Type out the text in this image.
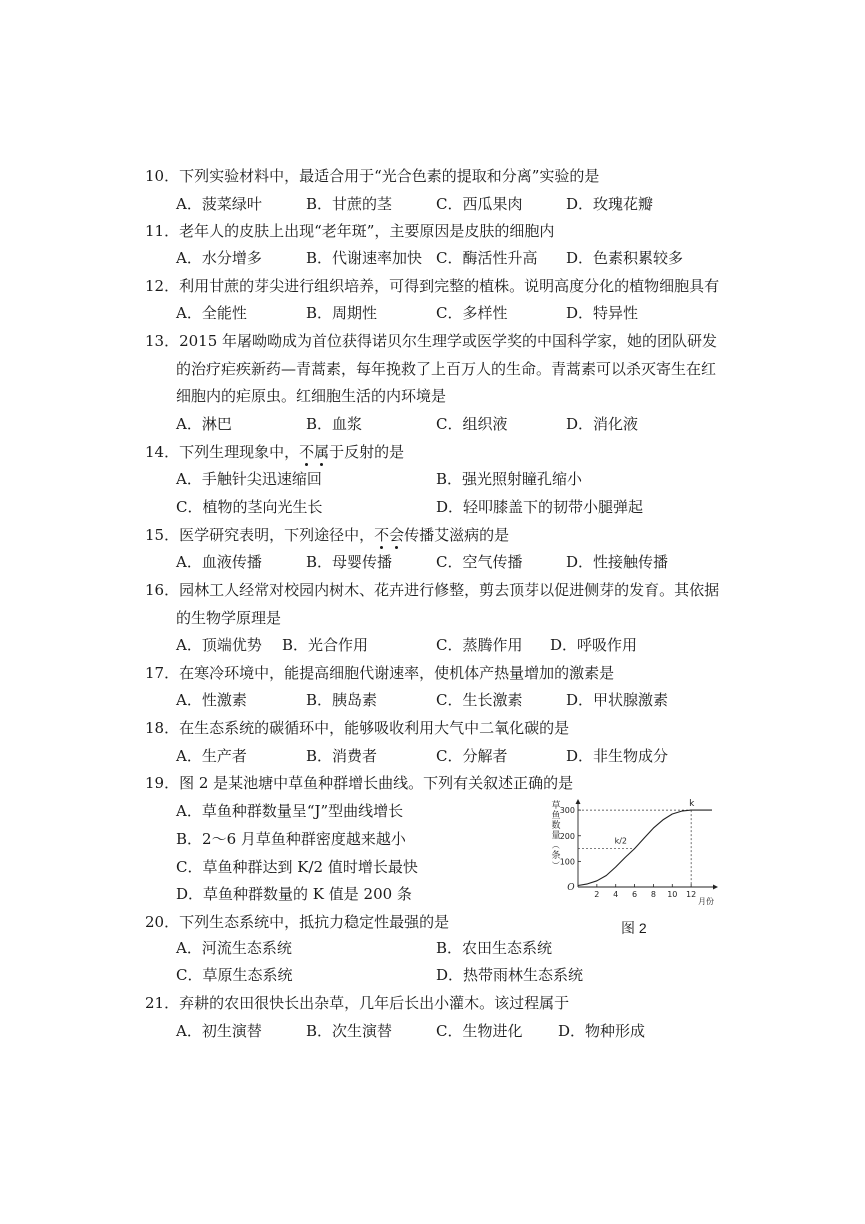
10．下列实验材料中，最适合用于“光合色素的提取和分离”实验的是
A．菠菜绿叶	B．甘蔗的茎	C．西瓜果肉	D．玫瑰花瓣
11．老年人的皮肤上出现“老年斑”，主要原因是皮肤的细胞内
A．水分增多	B．代谢速率加快 C．酶活性升高 D．色素积累较多
12．利用甘蔗的芽尖进行组织培养，可得到完整的植株。说明高度分化的植物细胞具有
A．全能性	B．周期性	C．多样性	D．特异性
13．2015 年屠呦呦成为首位获得诺贝尔生理学或医学奖的中国科学家，她的团队研发
的治疗疟疾新药—青蒿素，每年挽救了上百万人的生命。青蒿素可以杀灭寄生在红
细胞内的疟原虫。红细胞生活的内环境是
A．淋巴	B．血浆	C．组织液	D．消化液
14．下列生理现象中，不属于反射的是
A．手触针尖迅速缩回	B．强光照射瞳孔缩小
C．植物的茎向光生长	D．轻叩膝盖下的韧带小腿弹起
15．医学研究表明，下列途径中，不会传播艾滋病的是
A．血液传播	B．母婴传播	C．空气传播	D．性接触传播
16．园林工人经常对校园内树木、花卉进行修整，剪去顶芽以促进侧芽的发育。其依据
的生物学原理是
A．顶端优势 B．光合作用	C．蒸腾作用 D．呼吸作用
17．在寒冷环境中，能提高细胞代谢速率，使机体产热量增加的激素是
A．性激素	B．胰岛素	C．生长激素	D．甲状腺激素
18．在生态系统的碳循环中，能够吸收利用大气中二氧化碳的是
A．生产者	B．消费者	C．分解者	D．非生物成分
19．图 2 是某池塘中草鱼种群增长曲线。下列有关叙述正确的是
A．草鱼种群数量呈“J”型曲线增长
B．2～6 月草鱼种群密度越来越小
C．草鱼种群达到 K/2 值时增长最快
D．草鱼种群数量的 K 值是 200 条
草
鱼
数
量
（
条
）
2 4 6 8 10 12
100
200
300
k
k/2
月份
O
图 2
20．下列生态系统中，抵抗力稳定性最强的是
A．河流生态系统	B．农田生态系统
C．草原生态系统	D．热带雨林生态系统
21．弃耕的农田很快长出杂草，几年后长出小灌木。该过程属于
A．初生演替	B．次生演替	C．生物进化 D．物种形成
